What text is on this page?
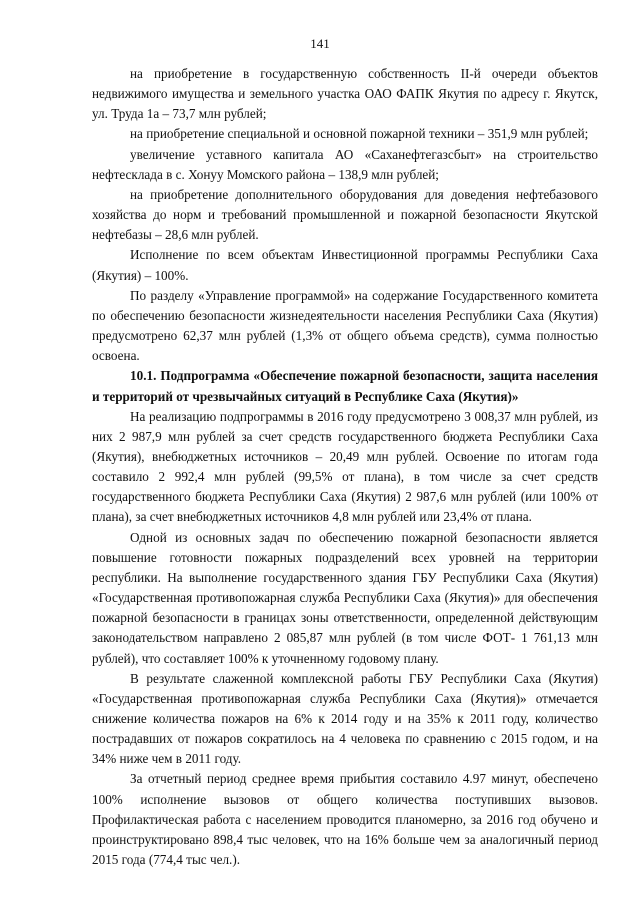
141

на приобретение в государственную собственность II-й очереди объектов недвижимого имущества и земельного участка ОАО ФАПК Якутия по адресу г. Якутск, ул. Труда 1а – 73,7 млн рублей;

на приобретение специальной и основной пожарной техники – 351,9 млн рублей;

увеличение уставного капитала АО «Саханефтегазсбыт» на строительство нефтесклада в с. Хонуу Момского района – 138,9 млн рублей;

на приобретение дополнительного оборудования для доведения нефтебазового хозяйства до норм и требований промышленной и пожарной безопасности Якутской нефтебазы – 28,6 млн рублей.

Исполнение по всем объектам Инвестиционной программы Республики Саха (Якутия) – 100%.

По разделу «Управление программой» на содержание Государственного комитета по обеспечению безопасности жизнедеятельности населения Республики Саха (Якутия) предусмотрено 62,37 млн рублей (1,3% от общего объема средств), сумма полностью освоена.

10.1. Подпрограмма «Обеспечение пожарной безопасности, защита населения и территорий от чрезвычайных ситуаций в Республике Саха (Якутия)»

На реализацию подпрограммы в 2016 году предусмотрено 3 008,37 млн рублей, из них 2 987,9 млн рублей за счет средств государственного бюджета Республики Саха (Якутия), внебюджетных источников – 20,49 млн рублей. Освоение по итогам года составило 2 992,4 млн рублей (99,5% от плана), в том числе за счет средств государственного бюджета Республики Саха (Якутия) 2 987,6 млн рублей (или 100% от плана), за счет внебюджетных источников 4,8 млн рублей или 23,4% от плана.

Одной из основных задач по обеспечению пожарной безопасности является повышение готовности пожарных подразделений всех уровней на территории республики. На выполнение государственного здания ГБУ Республики Саха (Якутия) «Государственная противопожарная служба Республики Саха (Якутия)» для обеспечения пожарной безопасности в границах зоны ответственности, определенной действующим законодательством направлено 2 085,87 млн рублей (в том числе ФОТ- 1 761,13 млн рублей), что составляет 100% к уточненному годовому плану.

В результате слаженной комплексной работы ГБУ Республики Саха (Якутия) «Государственная противопожарная служба Республики Саха (Якутия)» отмечается снижение количества пожаров на 6% к 2014 году и на 35% к 2011 году, количество пострадавших от пожаров сократилось на 4 человека по сравнению с 2015 годом, и на 34% ниже чем в 2011 году.

За отчетный период среднее время прибытия составило 4.97 минут, обеспечено 100% исполнение вызовов от общего количества поступивших вызовов. Профилактическая работа с населением проводится планомерно, за 2016 год обучено и проинструктировано 898,4 тыс человек, что на 16% больше чем за аналогичный период 2015 года (774,4 тыс чел.).
